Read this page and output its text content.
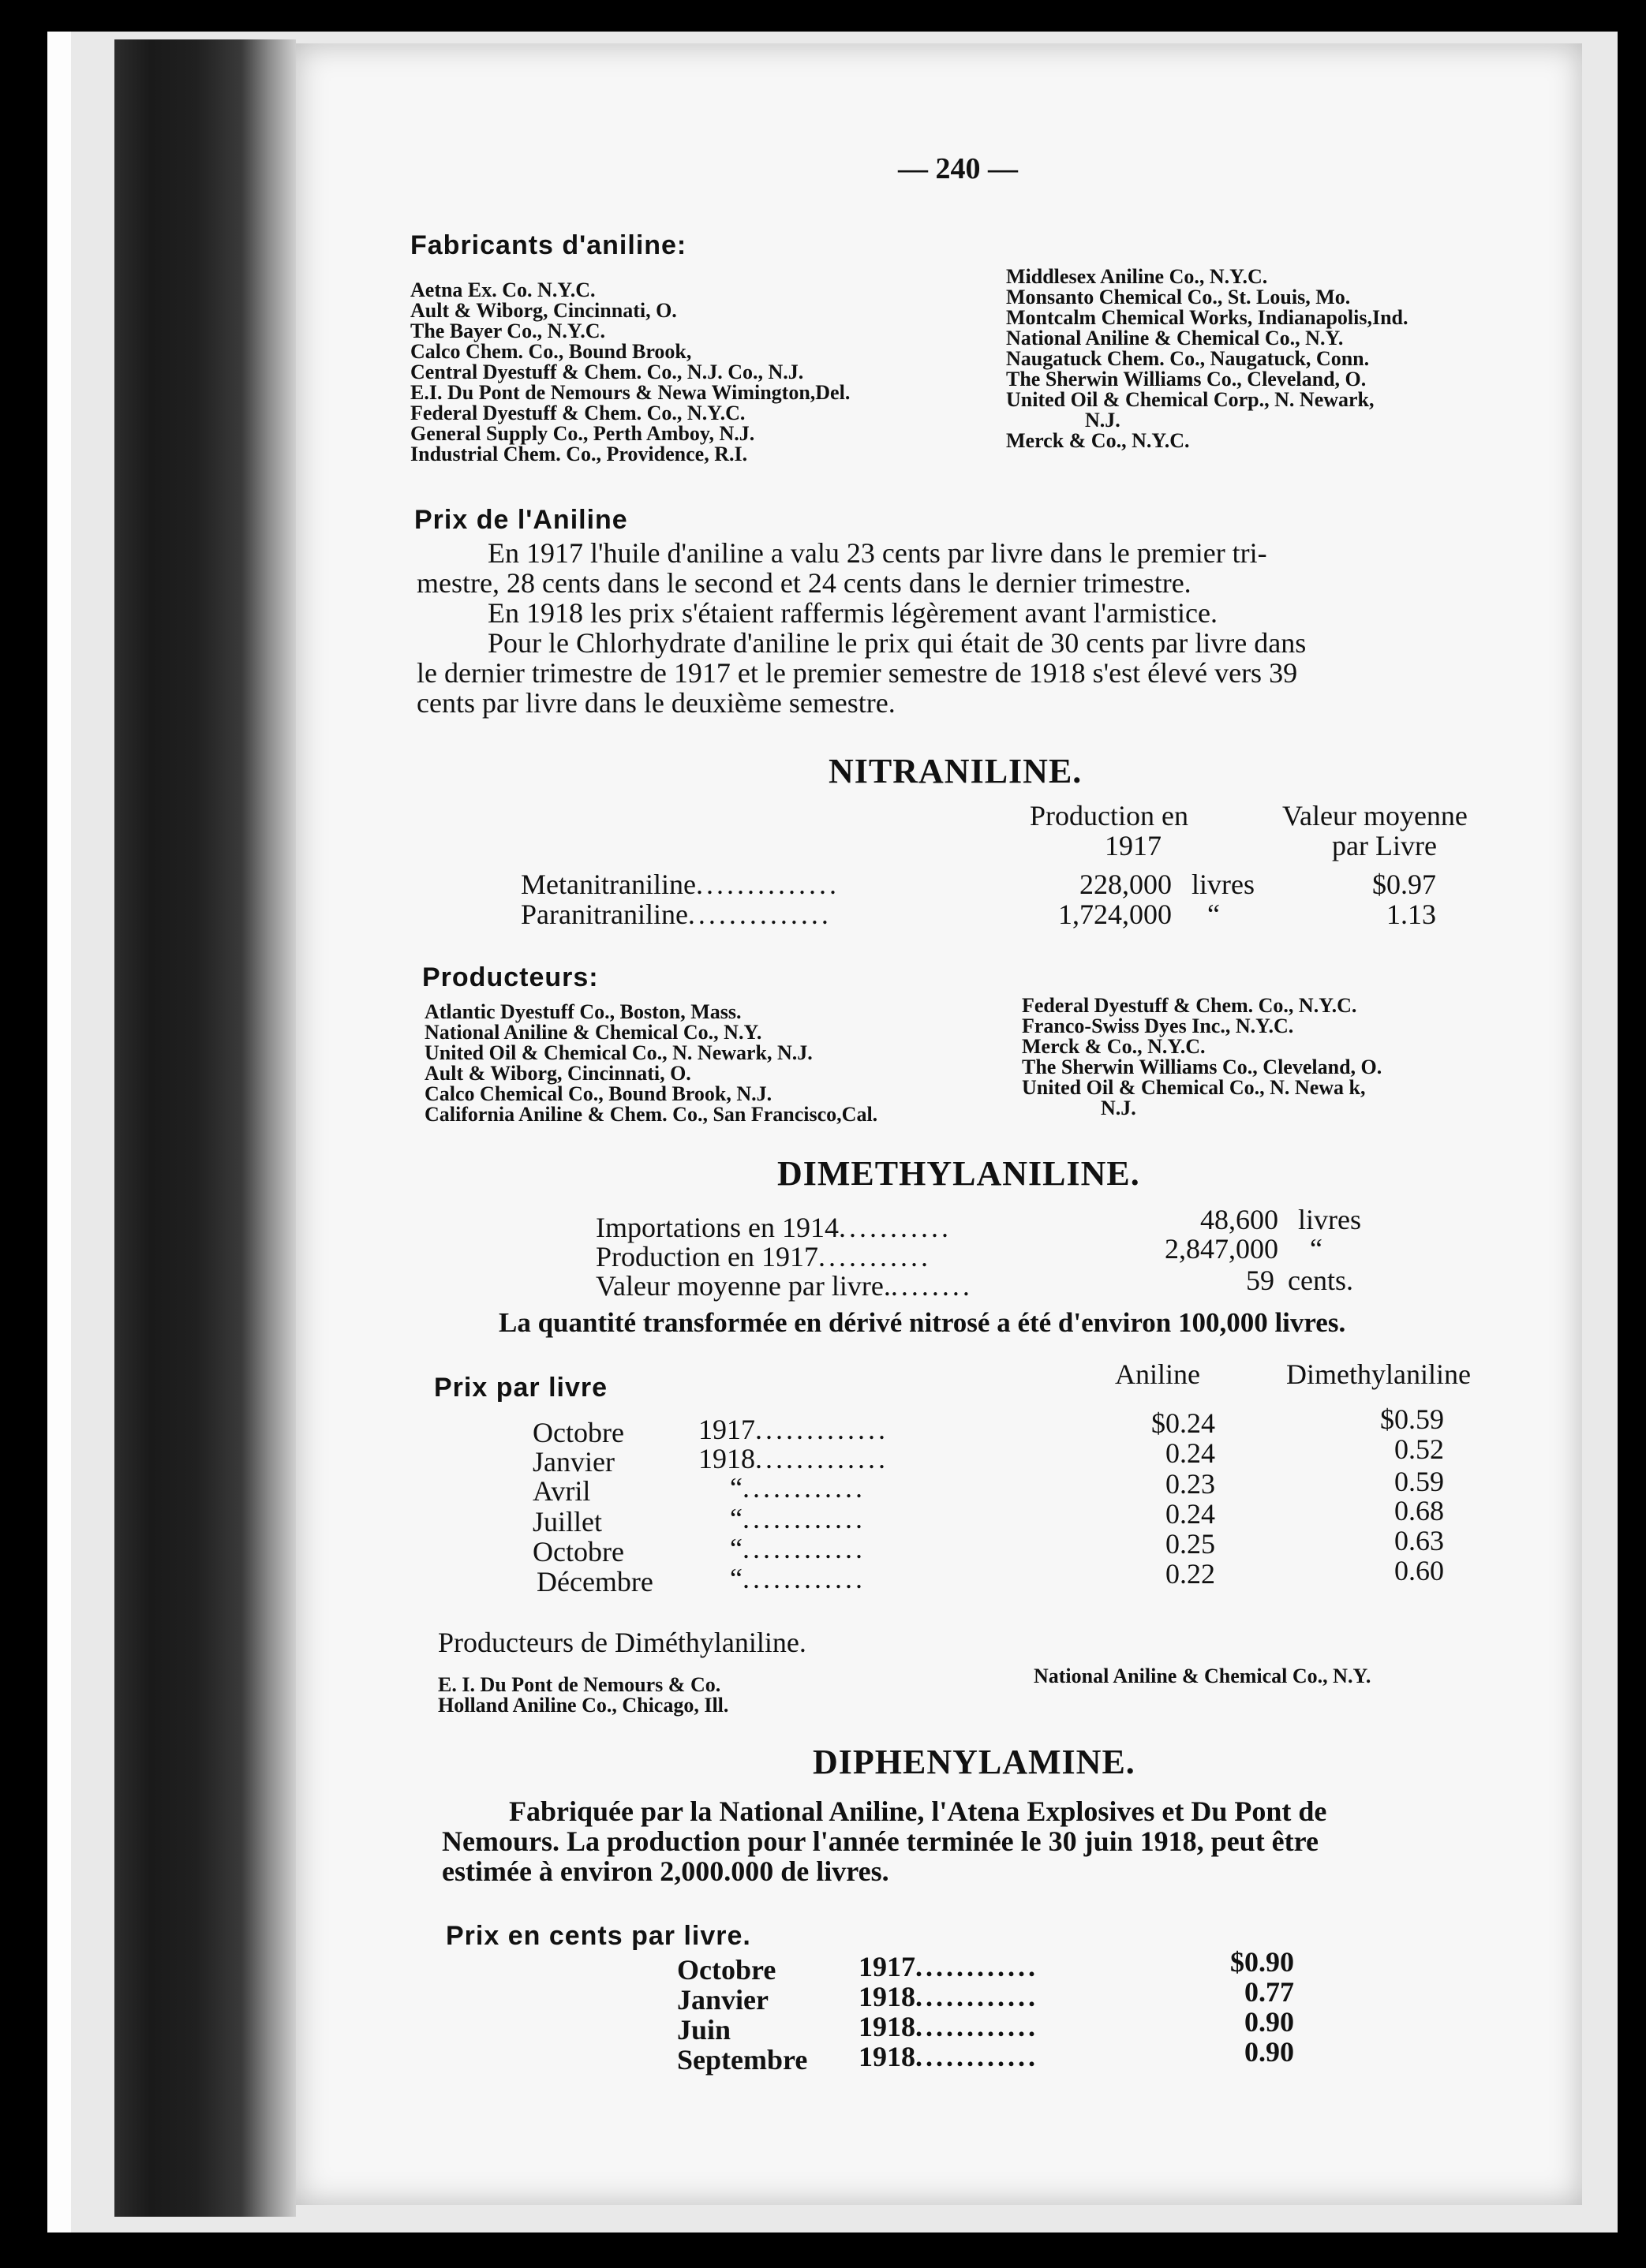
— 240 —
Fabricants d'aniline:
Aetna Ex. Co. N.Y.C.
Ault & Wiborg, Cincinnati, O.
The Bayer Co., N.Y.C.
Calco Chem. Co., Bound Brook,
Central Dyestuff & Chem. Co., N.J. Co., N.J.
E.I. Du Pont de Nemours & Newa Wimington,Del.
Federal Dyestuff & Chem. Co., N.Y.C.
General Supply Co., Perth Amboy, N.J.
Industrial Chem. Co., Providence, R.I.
Middlesex Aniline Co., N.Y.C.
Monsanto Chemical Co., St. Louis, Mo.
Montcalm Chemical Works, Indianapolis,Ind.
National Aniline & Chemical Co., N.Y.
Naugatuck Chem. Co., Naugatuck, Conn.
The Sherwin Williams Co., Cleveland, O.
United Oil & Chemical Corp., N. Newark,
N.J.
Merck & Co., N.Y.C.
Prix de l'Aniline
En 1917 l'huile d'aniline a valu 23 cents par livre dans le premier tri-
mestre, 28 cents dans le second et 24 cents dans le dernier trimestre.
En 1918 les prix s'étaient raffermis légèrement avant l'armistice.
Pour le Chlorhydrate d'aniline le prix qui était de 30 cents par livre dans
le dernier trimestre de 1917 et le premier semestre de 1918 s'est élevé vers 39
cents par livre dans le deuxième semestre.
NITRANILINE.
Production en
1917
Valeur moyenne
par Livre
Metanitraniline..............	228,000 livres	$0.97
Paranitraniline..............	1,724,000 “	1.13
Producteurs:
Atlantic Dyestuff Co., Boston, Mass.
National Aniline & Chemical Co., N.Y.
United Oil & Chemical Co., N. Newark, N.J.
Ault & Wiborg, Cincinnati, O.
Calco Chemical Co., Bound Brook, N.J.
California Aniline & Chem. Co., San Francisco,Cal.
Federal Dyestuff & Chem. Co., N.Y.C.
Franco-Swiss Dyes Inc., N.Y.C.
Merck & Co., N.Y.C.
The Sherwin Williams Co., Cleveland, O.
United Oil & Chemical Co., N. Newa k,
N.J.
DIMETHYLANILINE.
Importations en 1914...........	48,600 livres
Production en 1917...........	2,847,000 “
Valeur moyenne par livre.........	59 cents.
La quantité transformée en dérivé nitrosé a été d'environ 100,000 livres.
Aniline	Dimethylaniline
Prix par livre
Octobre	1917.............	$0.24	$0.59
Janvier	1918.............	0.24	0.52
Avril	“............	0.23	0.59
Juillet	“............	0.24	0.68
Octobre	“............	0.25	0.63
Décembre	“............	0.22	0.60
Producteurs de Diméthylaniline.
E. I. Du Pont de Nemours & Co.
Holland Aniline Co., Chicago, Ill.
National Aniline & Chemical Co., N.Y.
DIPHENYLAMINE.
Fabriquée par la National Aniline, l'Atena Explosives et Du Pont de
Nemours. La production pour l'année terminée le 30 juin 1918, peut être
estimée à environ 2,000.000 de livres.
Prix en cents par livre.
Octobre	1917............	$0.90
Janvier	1918............	0.77
Juin	1918............	0.90
Septembre 1918............	0.90
